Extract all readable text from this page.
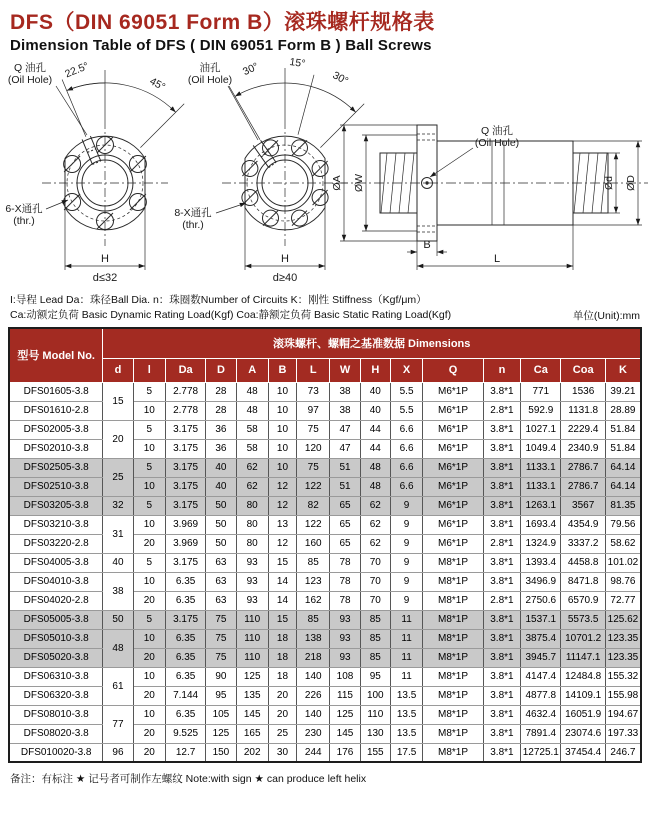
DFS（DIN 69051 Form B）滚珠螺杆规格表
Dimension Table of DFS ( DIN 69051 Form B ) Ball Screws
Q 油孔
(Oil Hole) 22.5°
45°
6-X通孔
(thr.)
H
d≤32
油孔
(Oil Hole)
30°	15°
30°
8-X通孔
(thr.)
H
d≥40
Q 油孔
(Oil Hole)
ØA ØW	Ød ØD
B
L
I:导程 Lead Da：珠径Ball Dia. n：珠圈数Number of Circuits K：刚性 Stiffness（Kgf/μm）
Ca:动额定负荷 Basic Dynamic Rating Load(Kgf) Coa:静额定负荷 Basic Static Rating Load(Kgf)	单位(Unit):mm
型号 Model No.	滚珠螺杆、螺帽之基准数据 Dimensions														
	d	l	Da	D	A	B	L	W	H	X	Q	n	Ca	Coa	K
DFS01605-3.8	15	5	2.778	28	48	10	73	38	40	5.5	M6*1P	3.8*1	771	1536	39.21
DFS01610-2.8		10	2.778	28	48	10	97	38	40	5.5	M6*1P	2.8*1	592.9	1131.8	28.89
DFS02005-3.8	20	5	3.175	36	58	10	75	47	44	6.6	M6*1P	3.8*1	1027.1	2229.4	51.84
DFS02010-3.8		10	3.175	36	58	10	120	47	44	6.6	M6*1P	3.8*1	1049.4	2340.9	51.84
DFS02505-3.8	25	5	3.175	40	62	10	75	51	48	6.6	M6*1P	3.8*1	1133.1	2786.7	64.14
DFS02510-3.8		10	3.175	40	62	12	122	51	48	6.6	M6*1P	3.8*1	1133.1	2786.7	64.14
DFS03205-3.8	32	5	3.175	50	80	12	82	65	62	9	M6*1P	3.8*1	1263.1	3567	81.35
DFS03210-3.8	31	10	3.969	50	80	13	122	65	62	9	M6*1P	3.8*1	1693.4	4354.9	79.56
DFS03220-2.8		20	3.969	50	80	12	160	65	62	9	M6*1P	2.8*1	1324.9	3337.2	58.62
DFS04005-3.8	40	5	3.175	63	93	15	85	78	70	9	M8*1P	3.8*1	1393.4	4458.8	101.02
DFS04010-3.8	38	10	6.35	63	93	14	123	78	70	9	M8*1P	3.8*1	3496.9	8471.8	98.76
DFS04020-2.8		20	6.35	63	93	14	162	78	70	9	M8*1P	2.8*1	2750.6	6570.9	72.77
DFS05005-3.8	50	5	3.175	75	110	15	85	93	85	11	M8*1P	3.8*1	1537.1	5573.5	125.62
DFS05010-3.8	48	10	6.35	75	110	18	138	93	85	11	M8*1P	3.8*1	3875.4	10701.2	123.35
DFS05020-3.8		20	6.35	75	110	18	218	93	85	11	M8*1P	3.8*1	3945.7	11147.1	123.35
DFS06310-3.8	61	10	6.35	90	125	18	140	108	95	11	M8*1P	3.8*1	4147.4	12484.8	155.32
DFS06320-3.8		20	7.144	95	135	20	226	115	100	13.5	M8*1P	3.8*1	4877.8	14109.1	155.98
DFS08010-3.8	77	10	6.35	105	145	20	140	125	110	13.5	M8*1P	3.8*1	4632.4	16051.9	194.67
DFS08020-3.8		20	9.525	125	165	25	230	145	130	13.5	M8*1P	3.8*1	7891.4	23074.6	197.33
DFS010020-3.8	96	20	12.7	150	202	30	244	176	155	17.5	M8*1P	3.8*1	12725.1	37454.4	246.7
备注：有标注 ★ 记号者可制作左螺纹 Note:with sign ★ can produce left helix
